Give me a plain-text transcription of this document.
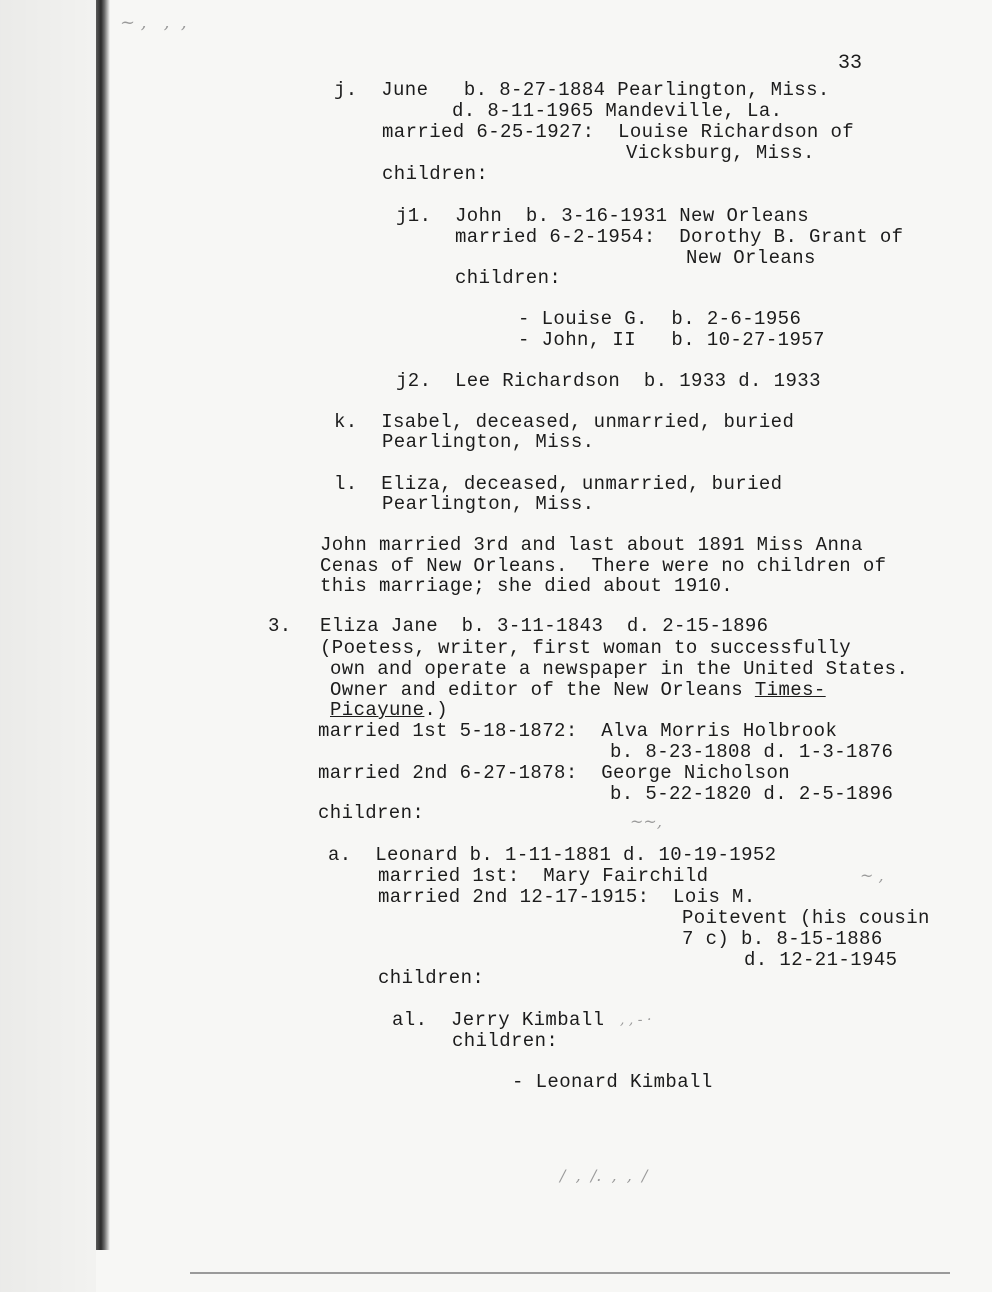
~ ,   ,  ,
~~,
~ ,
, , - ·
/  ,  /.  ,  ,  /
33
j.  June   b. 8-27-1884 Pearlington, Miss.
d. 8-11-1965 Mandeville, La.
married 6-25-1927:  Louise Richardson of
Vicksburg, Miss.
children:
j1.  John  b. 3-16-1931 New Orleans
married 6-2-1954:  Dorothy B. Grant of
New Orleans
children:
- Louise G.  b. 2-6-1956
- John, II   b. 10-27-1957
j2.  Lee Richardson  b. 1933 d. 1933
k.  Isabel, deceased, unmarried, buried
Pearlington, Miss.
l.  Eliza, deceased, unmarried, buried
Pearlington, Miss.
John married 3rd and last about 1891 Miss Anna
Cenas of New Orleans.  There were no children of
this marriage; she died about 1910.
3. Eliza Jane  b. 3-11-1843  d. 2-15-1896
(Poetess, writer, first woman to successfully
own and operate a newspaper in the United States.
Owner and editor of the New Orleans Times-
Picayune.)
married 1st 5-18-1872:  Alva Morris Holbrook
b. 8-23-1808 d. 1-3-1876
married 2nd 6-27-1878:  George Nicholson
b. 5-22-1820 d. 2-5-1896
children:
a.  Leonard b. 1-11-1881 d. 10-19-1952
married 1st:  Mary Fairchild
married 2nd 12-17-1915:  Lois M.
Poitevent (his cousin
7 c) b. 8-15-1886
d. 12-21-1945
children:
al.  Jerry Kimball
children:
- Leonard Kimball
